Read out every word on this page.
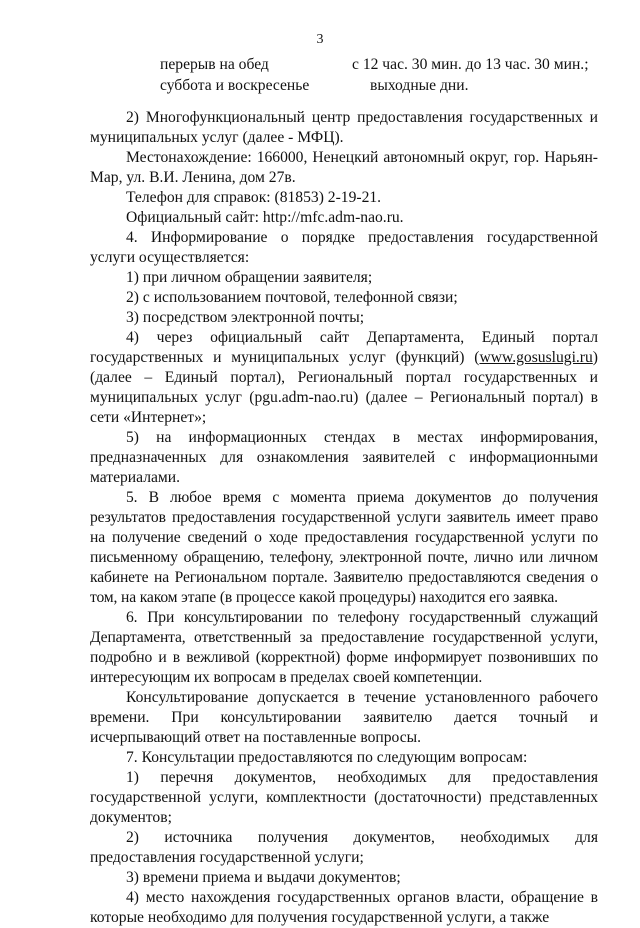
3
перерыв на обед	с 12 час. 30 мин. до 13 час. 30 мин.;
суббота и воскресенье	выходные дни.

2) Многофункциональный центр предоставления государственных и муниципальных услуг (далее - МФЦ).

Местонахождение: 166000, Ненецкий автономный округ, гор. Нарьян-Мар, ул. В.И. Ленина, дом 27в.

Телефон для справок: (81853) 2-19-21.

Официальный сайт: http://mfc.adm-nao.ru.

4. Информирование о порядке предоставления государственной услуги осуществляется:

1) при личном обращении заявителя;

2) с использованием почтовой, телефонной связи;

3) посредством электронной почты;

4) через официальный сайт Департамента, Единый портал государственных и муниципальных услуг (функций) (www.gosuslugi.ru) (далее – Единый портал), Региональный портал государственных и муниципальных услуг (pgu.adm-nao.ru) (далее – Региональный портал) в сети «Интернет»;

5) на информационных стендах в местах информирования, предназначенных для ознакомления заявителей с информационными материалами.

5. В любое время с момента приема документов до получения результатов предоставления государственной услуги заявитель имеет право на получение сведений о ходе предоставления государственной услуги по письменному обращению, телефону, электронной почте, лично или личном кабинете на Региональном портале. Заявителю предоставляются сведения о том, на каком этапе (в процессе какой процедуры) находится его заявка.

6. При консультировании по телефону государственный служащий Департамента, ответственный за предоставление государственной услуги, подробно и в вежливой (корректной) форме информирует позвонивших по интересующим их вопросам в пределах своей компетенции.

Консультирование допускается в течение установленного рабочего времени. При консультировании заявителю дается точный и исчерпывающий ответ на поставленные вопросы.

7. Консультации предоставляются по следующим вопросам:

1) перечня документов, необходимых для предоставления государственной услуги, комплектности (достаточности) представленных документов;

2) источника получения документов, необходимых для предоставления государственной услуги;

3) времени приема и выдачи документов;

4) место нахождения государственных органов власти, обращение в которые необходимо для получения государственной услуги, а также
